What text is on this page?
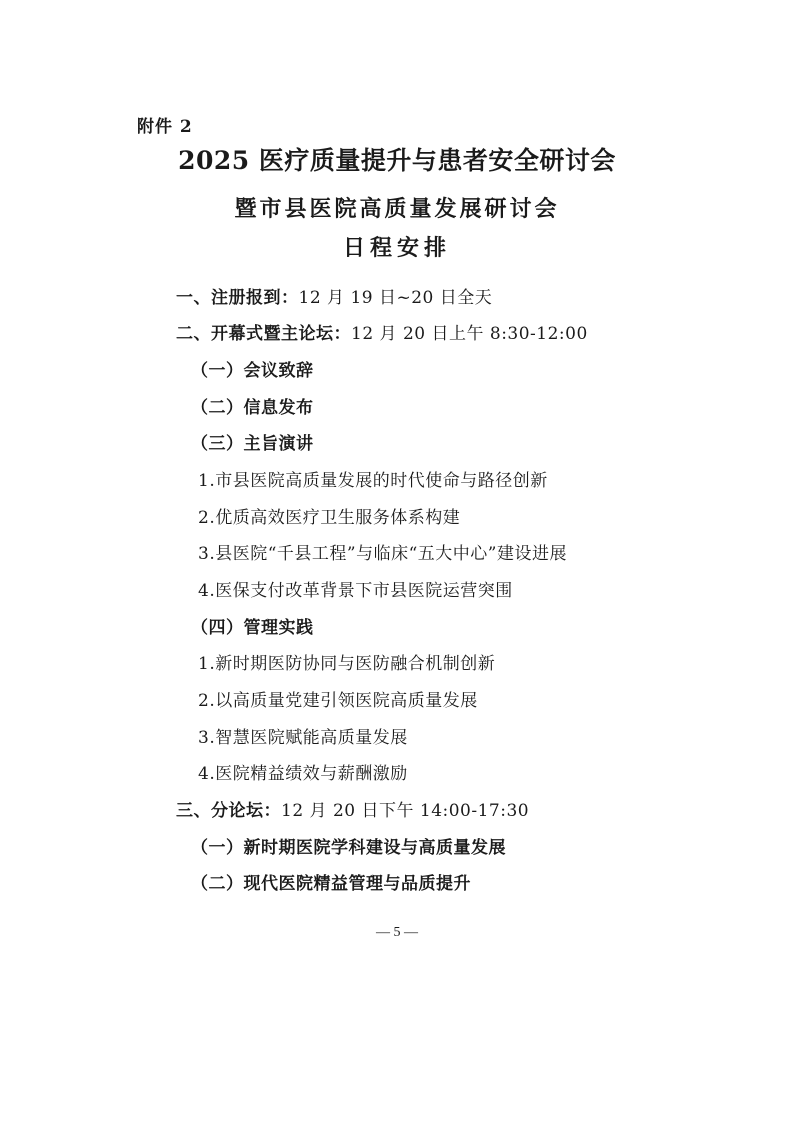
附件 2
2025 医疗质量提升与患者安全研讨会
暨市县医院高质量发展研讨会
日程安排
一、注册报到：12 月 19 日~20 日全天
二、开幕式暨主论坛：12 月 20 日上午 8:30-12:00
（一）会议致辞
（二）信息发布
（三）主旨演讲
1.市县医院高质量发展的时代使命与路径创新
2.优质高效医疗卫生服务体系构建
3.县医院“千县工程”与临床“五大中心”建设进展
4.医保支付改革背景下市县医院运营突围
（四）管理实践
1.新时期医防协同与医防融合机制创新
2.以高质量党建引领医院高质量发展
3.智慧医院赋能高质量发展
4.医院精益绩效与薪酬激励
三、分论坛：12 月 20 日下午 14:00-17:30
（一）新时期医院学科建设与高质量发展
（二）现代医院精益管理与品质提升
— 5 —
